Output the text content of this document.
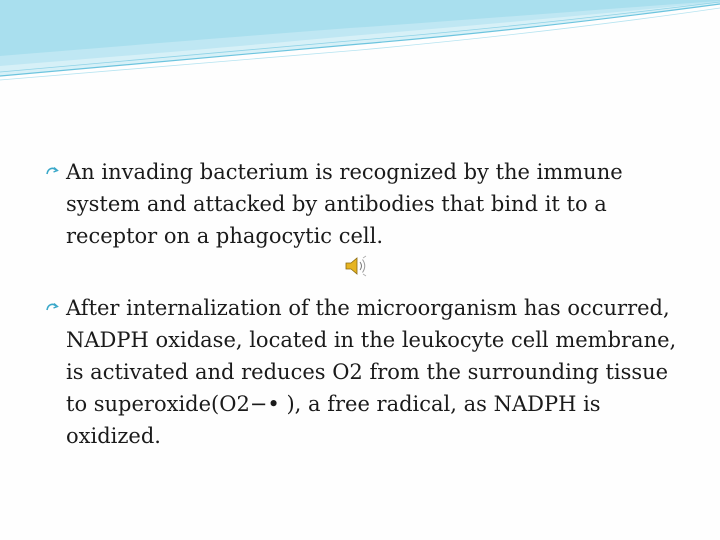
An invading bacterium is recognized by the immune system and attacked by antibodies that bind it to a receptor on a phagocytic cell.

After internalization of the microorganism has occurred, NADPH oxidase, located in the leukocyte cell membrane, is activated and reduces O2 from the surrounding tissue to superoxide(O2−• ), a free radical, as NADPH is oxidized.
